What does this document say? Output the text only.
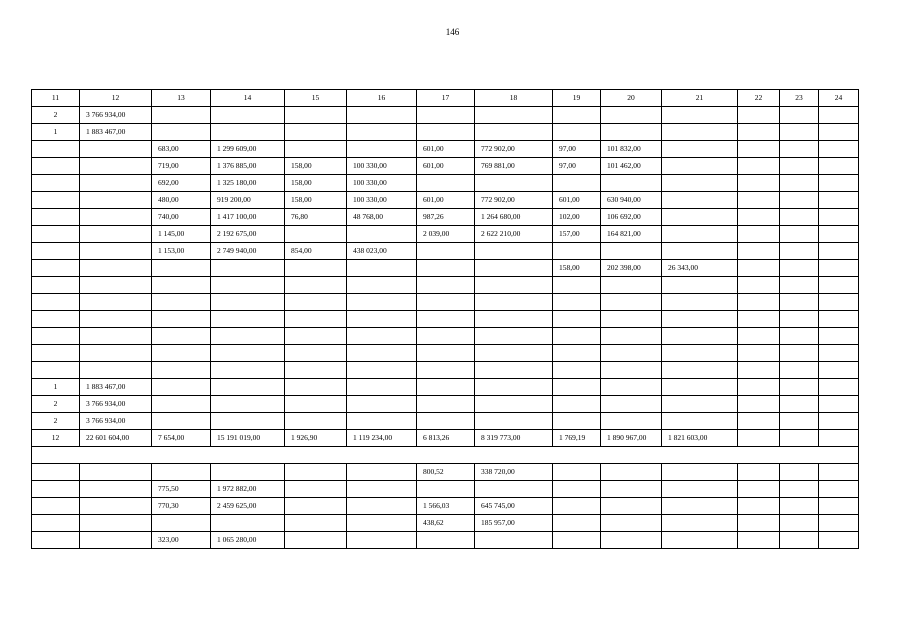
146
11	12	13	14	15	16	17	18	19	20	21	22	23	24
2	3 766 934,00												
1	1 883 467,00												
		683,00	1 299 609,00			601,00	772 902,00	97,00	101 832,00				
		719,00	1 376 885,00	158,00	100 330,00	601,00	769 881,00	97,00	101 462,00				
		692,00	1 325 180,00	158,00	100 330,00								
		480,00	919 200,00	158,00	100 330,00	601,00	772 902,00	601,00	630 940,00				
		740,00	1 417 100,00	76,80	48 768,00	987,26	1 264 680,00	102,00	106 692,00				
		1 145,00	2 192 675,00			2 039,00	2 622 210,00	157,00	164 821,00				
		1 153,00	2 749 940,00	854,00	438 023,00								
								158,00	202 398,00	26 343,00			

1	1 883 467,00												
2	3 766 934,00												
2	3 766 934,00												
12	22 601 604,00	7 654,00	15 191 019,00	1 926,90	1 119 234,00	6 813,26	8 319 773,00	1 769,19	1 890 967,00	1 821 603,00			

						800,52	338 720,00						
		775,50	1 972 882,00										
		770,30	2 459 625,00			1 566,03	645 745,00						
						438,62	185 957,00						
		323,00	1 065 280,00										
